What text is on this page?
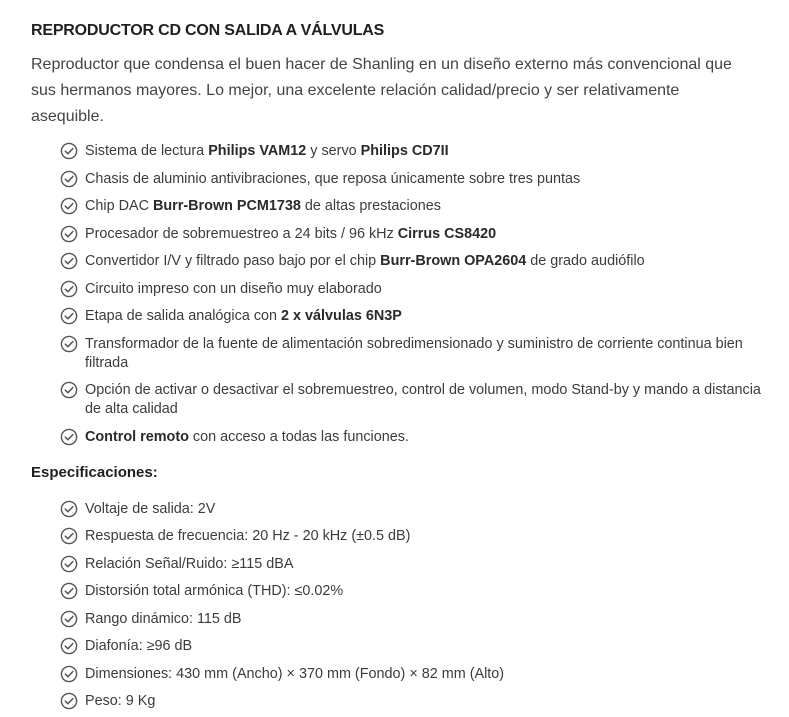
REPRODUCTOR CD CON SALIDA A VÁLVULAS

Reproductor que condensa el buen hacer de Shanling en un diseño externo más convencional que sus hermanos mayores. Lo mejor, una excelente relación calidad/precio y ser relativamente asequible.

Sistema de lectura Philips VAM12 y servo Philips CD7II
Chasis de aluminio antivibraciones, que reposa únicamente sobre tres puntas
Chip DAC Burr-Brown PCM1738 de altas prestaciones
Procesador de sobremuestreo a 24 bits / 96 kHz Cirrus CS8420
Convertidor I/V y filtrado paso bajo por el chip Burr-Brown OPA2604 de grado audiófilo
Circuito impreso con un diseño muy elaborado
Etapa de salida analógica con 2 x válvulas 6N3P
Transformador de la fuente de alimentación sobredimensionado y suministro de corriente continua bien filtrada
Opción de activar o desactivar el sobremuestreo, control de volumen, modo Stand-by y mando a distancia de alta calidad
Control remoto con acceso a todas las funciones.
Especificaciones:
Voltaje de salida: 2V
Respuesta de frecuencia: 20 Hz - 20 kHz (±0.5 dB)
Relación Señal/Ruido: ≥115 dBA
Distorsión total armónica (THD): ≤0.02%
Rango dinámico: 115 dB
Diafonía: ≥96 dB
Dimensiones: 430 mm (Ancho) × 370 mm (Fondo) × 82 mm (Alto)
Peso: 9 Kg
